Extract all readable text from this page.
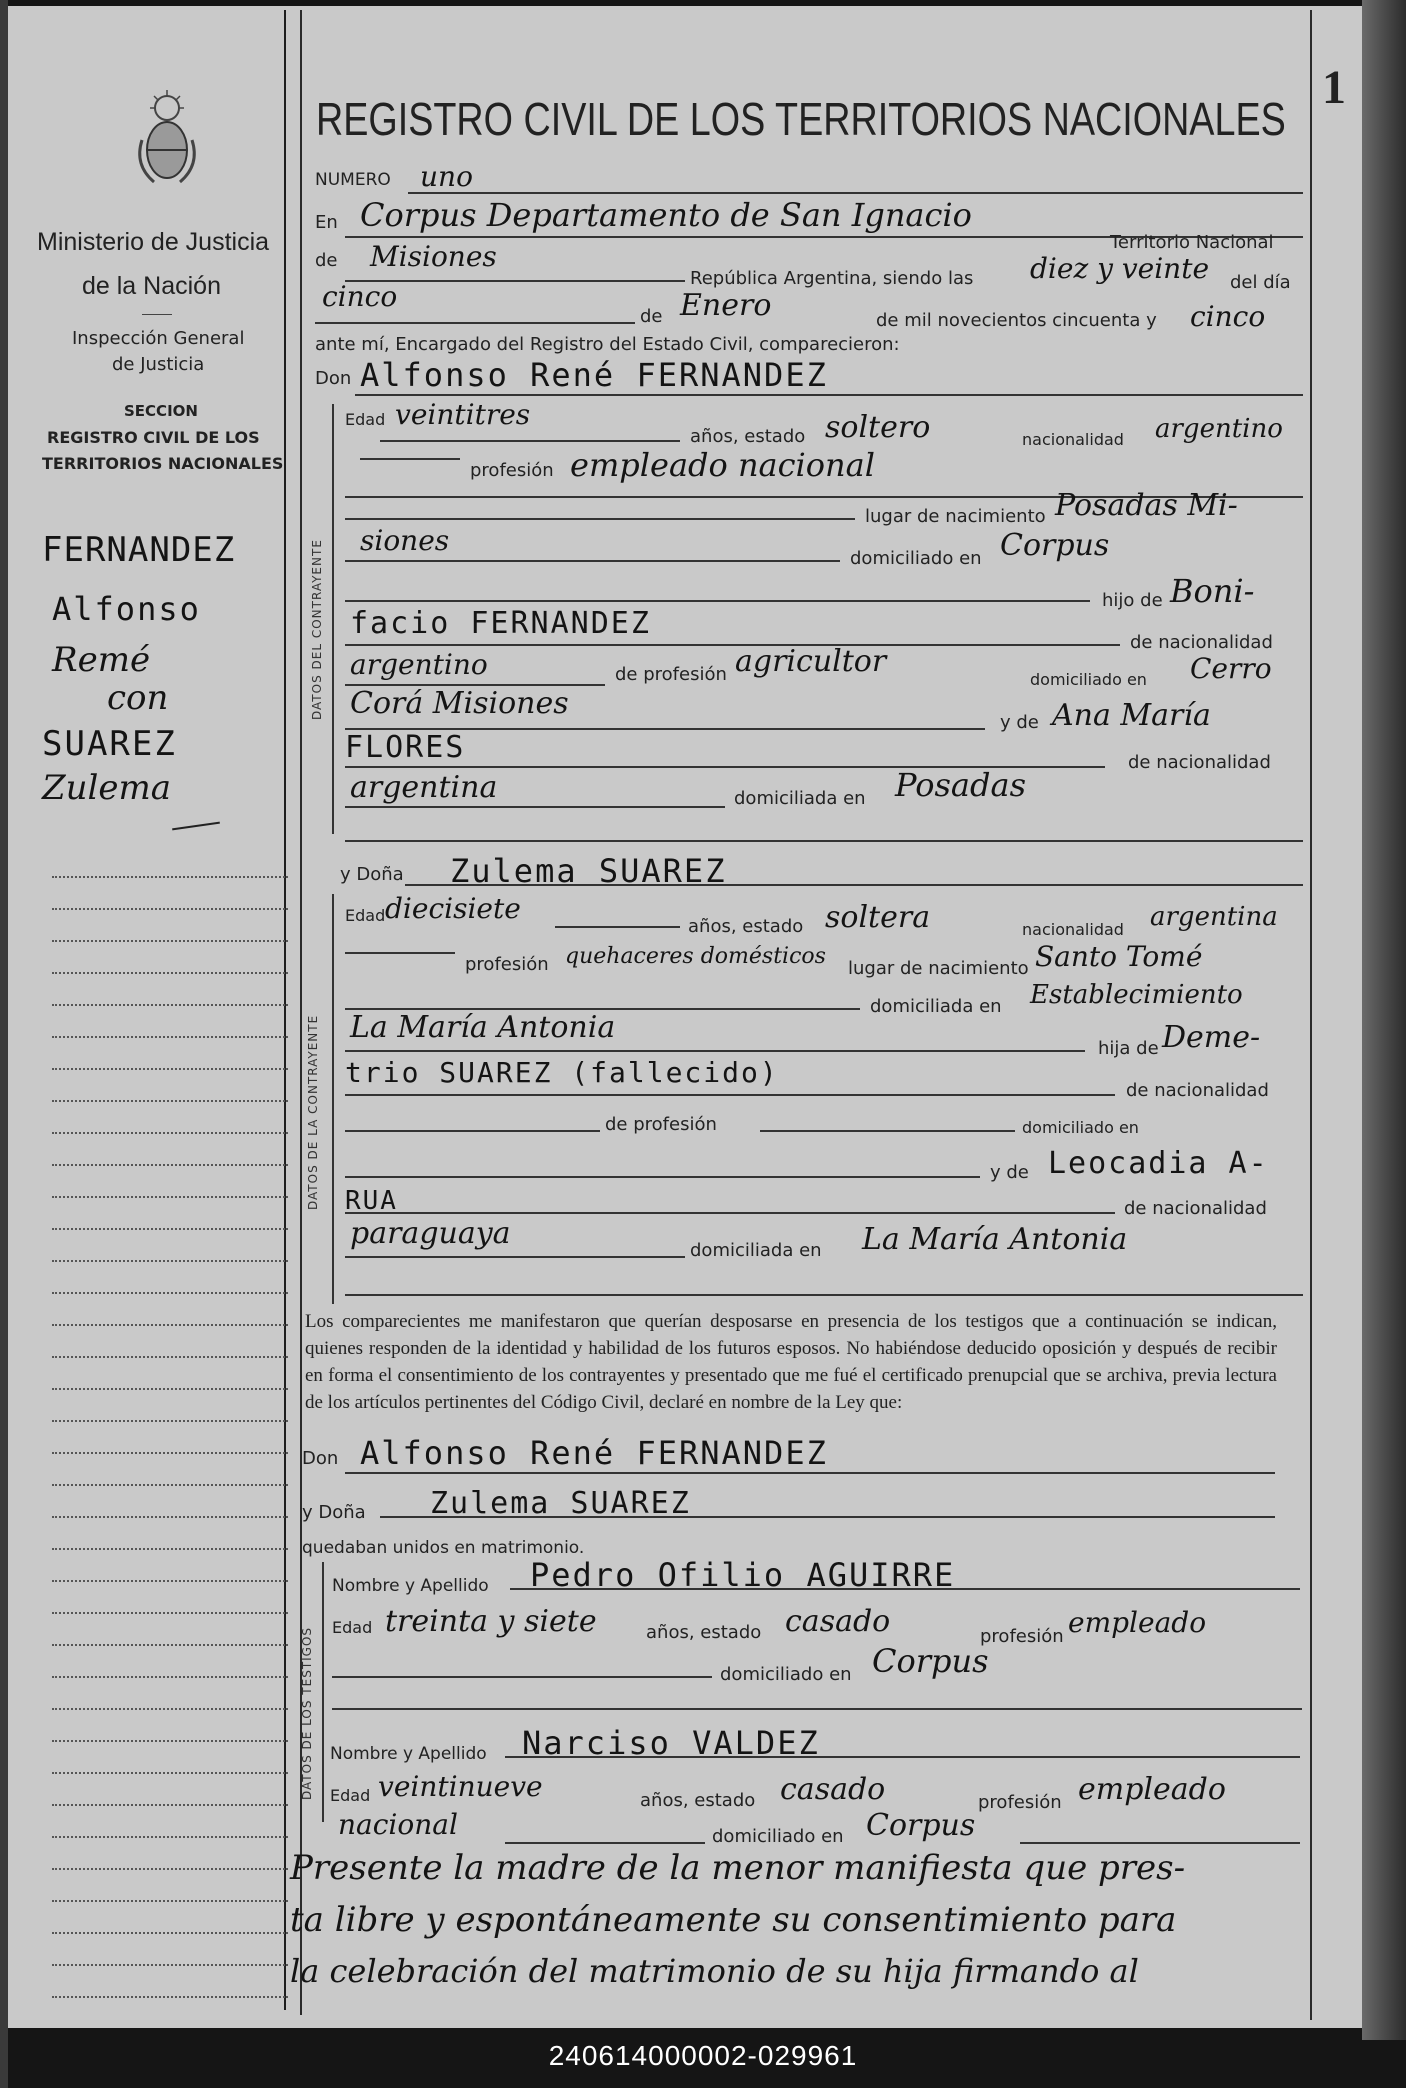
Ministerio de Justicia
de la Nación
Inspección General
de Justicia
SECCION
REGISTRO CIVIL DE LOS
TERRITORIOS NACIONALES
FERNANDEZ
Alfonso
Remé
con
SUAREZ
Zulema
1
REGISTRO CIVIL DE LOS TERRITORIOS NACIONALES
NUMERO uno
En Corpus Departamento de San Ignacio
de Misiones	Territorio Nacional
República Argentina, siendo las diez y veinte del día
cinco
de Enero	de mil novecientos cincuenta y cinco
ante mí, Encargado del Registro del Estado Civil, comparecieron:
Don Alfonso René FERNANDEZ
DATOS DEL CONTRAYENTE
Edad veintitres
años, estado soltero	nacionalidad argentino
profesión empleado nacional
lugar de nacimiento Posadas Mi-
siones
domiciliado en Corpus
hijo de Boni-
facio FERNANDEZ
de nacionalidad
argentino	de profesión agricultor
domiciliado en Cerro
Corá Misiones
y de Ana María
FLORES	de nacionalidad
argentina	domiciliada en Posadas
y Doña Zulema SUAREZ
DATOS DE LA CONTRAYENTE
Edad diecisiete
años, estado soltera	nacionalidad argentina
profesión quehaceres domésticos lugar de nacimiento Santo Tomé
domiciliada en Establecimiento
La María Antonia
hija de Deme-
trio SUAREZ (fallecido)
de nacionalidad
de profesión	domiciliado en
y de Leocadia A-
RUA	de nacionalidad
paraguaya	domiciliada en La María Antonia
Los comparecientes me manifestaron que querían desposarse en presencia de los testigos que a continuación se indican, quienes responden de la identidad y habilidad de los futuros esposos. No habiéndose deducido oposición y después de recibir en forma el consentimiento de los contrayentes y presentado que me fué el certificado prenupcial que se archiva, previa lectura de los artículos pertinentes del Código Civil, declaré en nombre de la Ley que:
Don Alfonso René FERNANDEZ
y Doña Zulema SUAREZ
quedaban unidos en matrimonio.
DATOS DE LOS TESTIGOS
Nombre y Apellido Pedro Ofilio AGUIRRE
Edad treinta y siete	años, estado casado	profesión empleado
domiciliado en Corpus
Nombre y Apellido Narciso VALDEZ
Edad veintinueve	años, estado casado	profesión empleado
nacional	domiciliado en Corpus
Presente la madre de la menor manifiesta que pres-
ta libre y espontáneamente su consentimiento para
la celebración del matrimonio de su hija firmando al
240614000002-029961
